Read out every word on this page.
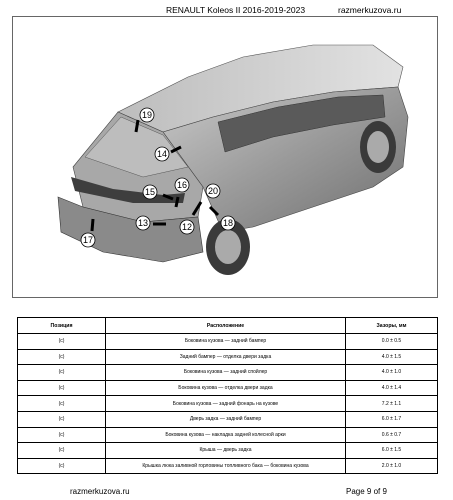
RENAULT Koleos II 2016-2019-2023	razmerkuzova.ru
19
14
15
16
20
13	12	18
17
Позиция	Расположение	Зазоры, мм
(c)	Боковина кузова — задний бампер	0.0 ± 0.5
(c)	Задний бампер — отделка двери задка	4.0 ± 1.5
(c)	Боковина кузова — задний спойлер	4.0 ± 1.0
(c)	Боковина кузова — отделка двери задка	4.0 ± 1.4
(c)	Боковина кузова — задний фонарь на кузове	7.2 ± 1.1
(c)	Дверь задка — задний бампер	6.0 ± 1.7
(c)	Боковина кузова — накладка задней колесной арки	0.6 ± 0.7
(c)	Крыша — дверь задка	6.0 ± 1.5
(c)	Крышка люка заливной горловины топливного бака — боковина кузова	2.0 ± 1.0
razmerkuzova.ru	Page 9 of 9
